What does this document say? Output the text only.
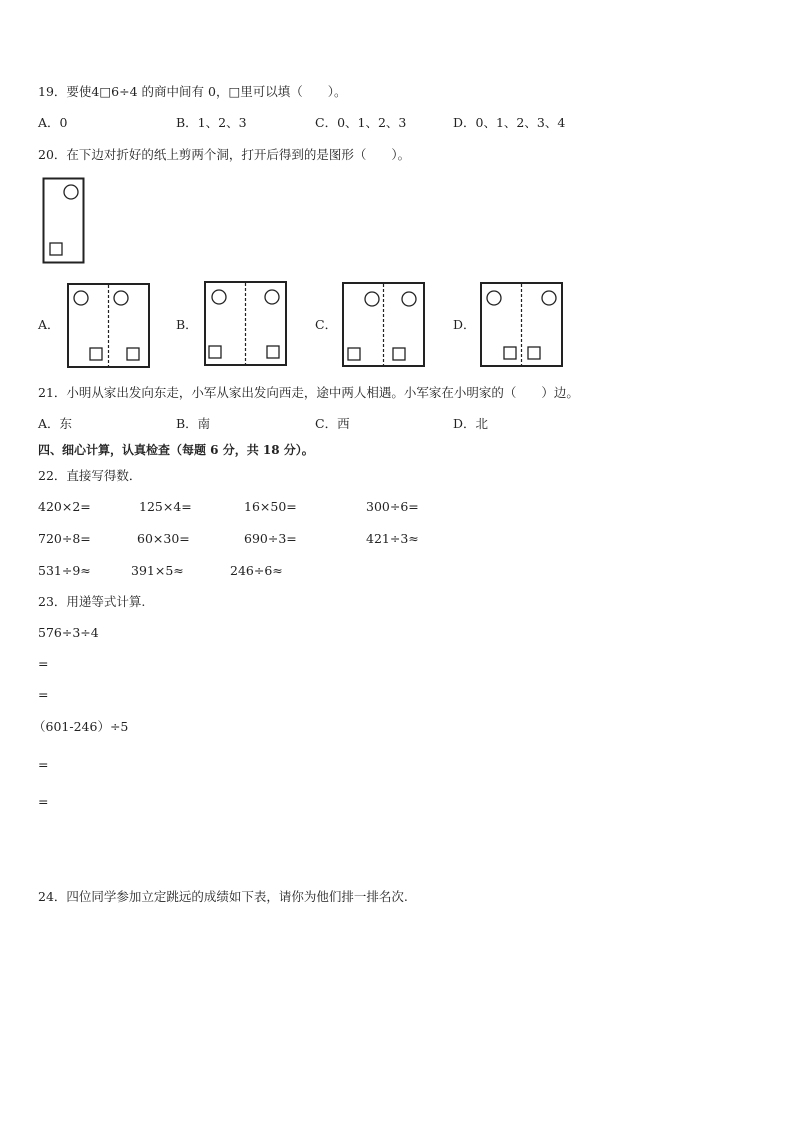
19．要使4□6÷4 的商中间有 0，□里可以填（　　）。
A．0	B．1、2、3	C．0、1、2、3	D．0、1、2、3、4
20．在下边对折好的纸上剪两个洞，打开后得到的是图形（　　）。
A．	B．	C．	D．
21．小明从家出发向东走，小军从家出发向西走，途中两人相遇。小军家在小明家的（　　）边。
A．东	B．南	C．西	D．北
四、细心计算，认真检查（每题 6 分，共 18 分）。
22．直接写得数．
420×2=	125×4=	16×50=	300÷6=
720÷8=	60×30=	690÷3=	421÷3≈
531÷9≈	391×5≈	246÷6≈
23．用递等式计算.
576÷3÷4
=
=
（601-246）÷5
=
=
24．四位同学参加立定跳远的成绩如下表，请你为他们排一排名次.
